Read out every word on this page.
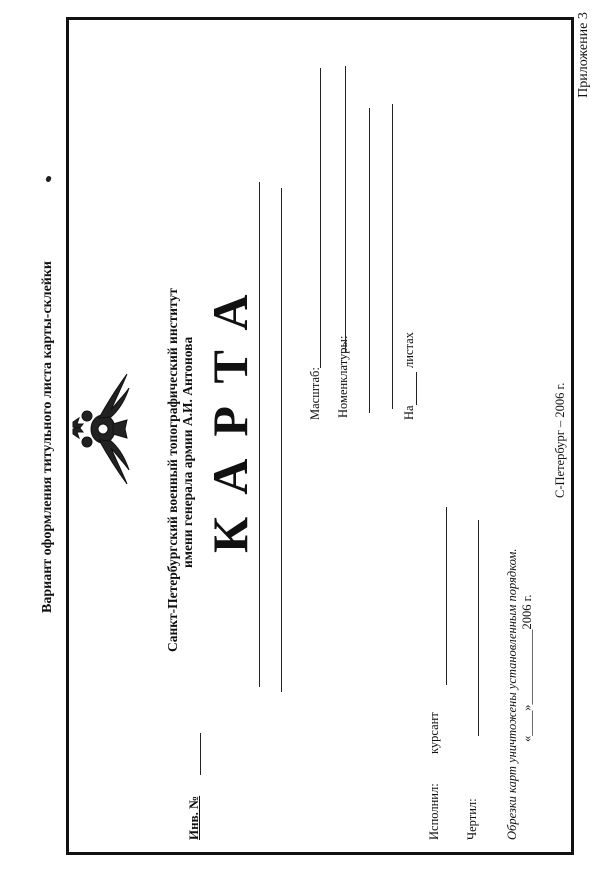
Вариант оформления титульного листа карты-склейки
Приложение 3
Санкт-Петербургский военный топографический институт имени генерала армии А.И. Антонова КАРТА	Масштаб: Номенклатуры:	На
листах
Инв. №	Исполнил:
курсант
Чертил: Обрезки карт уничтожены установленным порядком. «____»____________2006 г.
С-Петербург – 2006 г.
